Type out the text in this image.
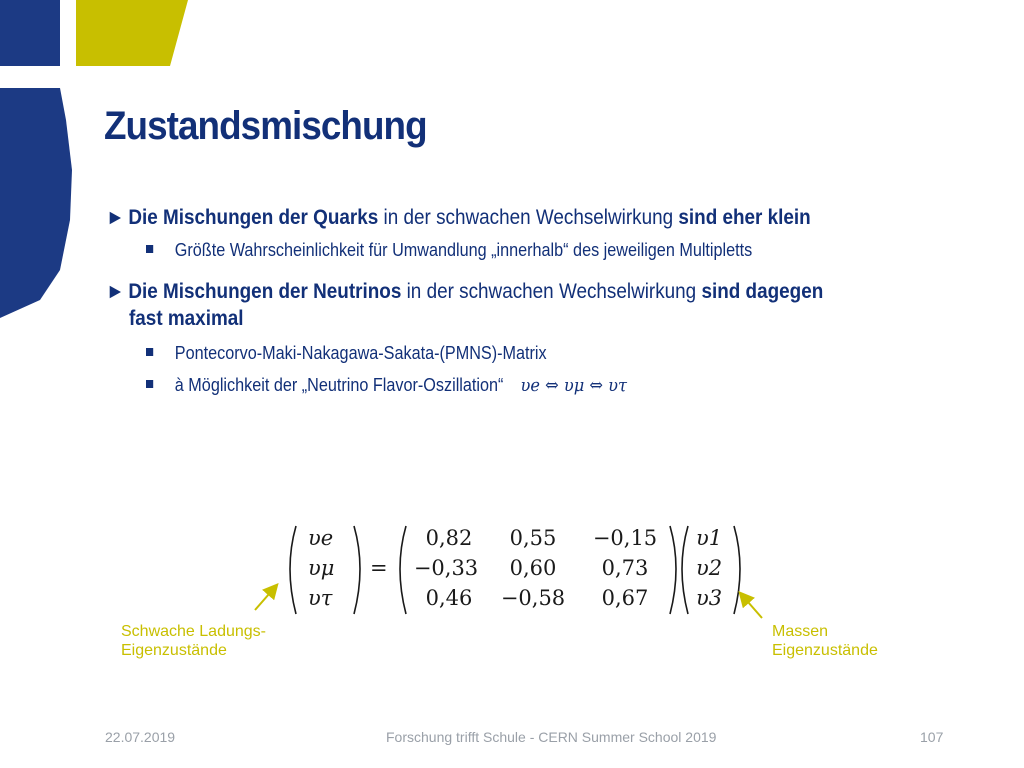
Zustandsmischung
► Die Mischungen der Quarks in der schwachen Wechselwirkung sind eher klein
Größte Wahrscheinlichkeit für Umwandlung „innerhalb“ des jeweiligen Multipletts
► Die Mischungen der Neutrinos in der schwachen Wechselwirkung sind dagegen
fast maximal
Pontecorvo-Maki-Nakagawa-Sakata-(PMNS)-Matrix
à Möglichkeit der „Neutrino Flavor-Oszillation“ υe ⇔ υμ ⇔ υτ
υe
υμ
υτ
=
0,82	0,55	−0,15
−0,33	0,60	0,73
0,46	−0,58	0,67
υ1
υ2
υ3
Schwache Ladungs-
Eigenzustände
Massen
Eigenzustände
22.07.2019	Forschung trifft Schule - CERN Summer School 2019	107
